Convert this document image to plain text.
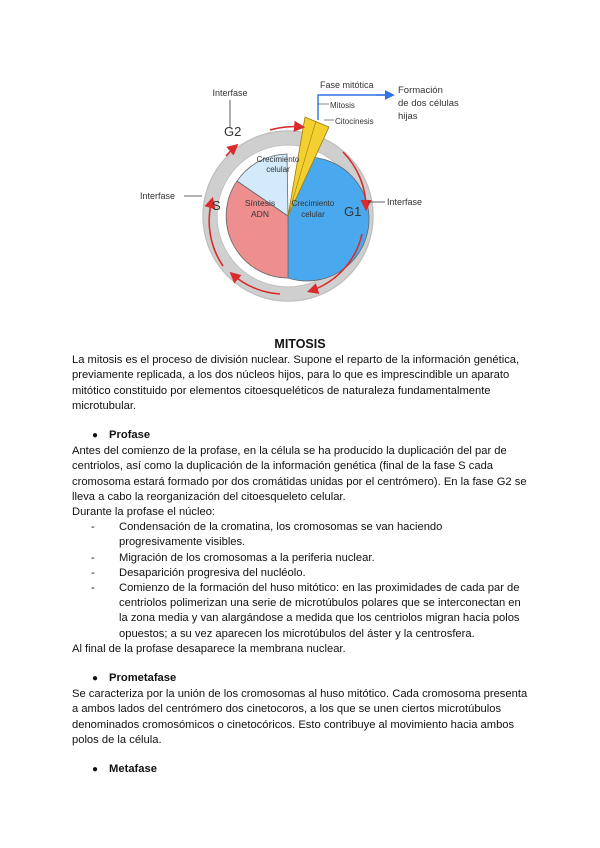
Interfase
Fase mitótica	Formación
de dos células
hijas
Mitosis
Citocinesis
G2
G1
S
Crecimiento
celular
Síntesis
ADN
Crecimiento
celular
Interfase
Interfase
MITOSIS

La mitosis es el proceso de división nuclear. Supone el reparto de la información genética, previamente replicada, a los dos núcleos hijos, para lo que es imprescindible un aparato mitótico constituido por elementos citoesqueléticos de naturaleza fundamentalmente microtubular.

● Profase

Antes del comienzo de la profase, en la célula se ha producido la duplicación del par de centriolos, así como la duplicación de la información genética (final de la fase S cada cromosoma estará formado por dos cromátidas unidas por el centrómero). En la fase G2 se lleva a cabo la reorganización del citoesqueleto celular.

Durante la profase el núcleo:

- Condensación de la cromatina, los cromosomas se van haciendo progresivamente visibles.
- Migración de los cromosomas a la periferia nuclear.
- Desaparición progresiva del nucléolo.
- Comienzo de la formación del huso mitótico: en las proximidades de cada par de centriolos polimerizan una serie de microtúbulos polares que se interconectan en la zona media y van alargándose a medida que los centriolos migran hacia polos opuestos; a su vez aparecen los microtúbulos del áster y la centrosfera.

Al final de la profase desaparece la membrana nuclear.

● Prometafase

Se caracteriza por la unión de los cromosomas al huso mitótico. Cada cromosoma presenta a ambos lados del centrómero dos cinetocoros, a los que se unen ciertos microtúbulos denominados cromosómicos o cinetocóricos. Esto contribuye al movimiento hacia ambos polos de la célula.

● Metafase
